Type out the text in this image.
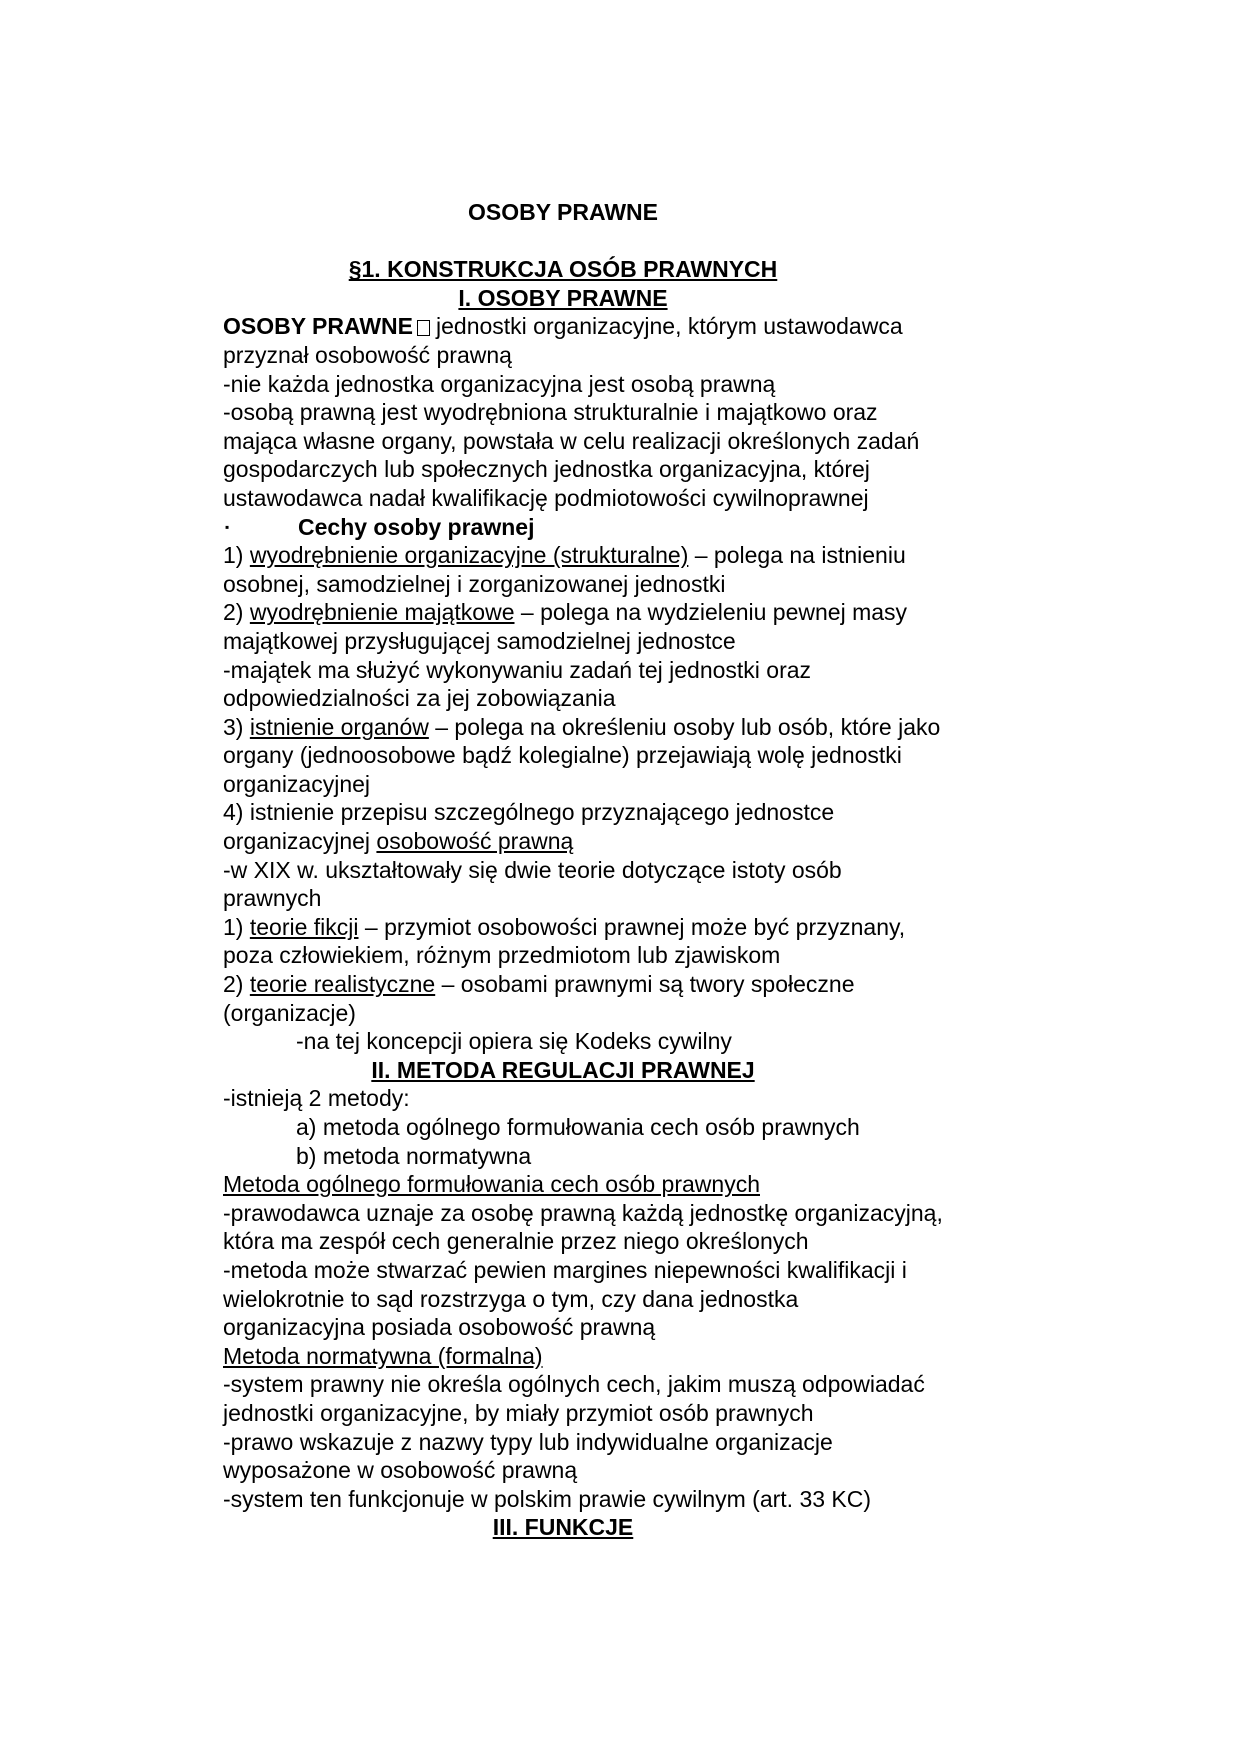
OSOBY PRAWNE
§1. KONSTRUKCJA OSÓB PRAWNYCH
I. OSOBY PRAWNE
OSOBY PRAWNE jednostki organizacyjne, którym ustawodawca
przyznał osobowość prawną
-nie każda jednostka organizacyjna jest osobą prawną
-osobą prawną jest wyodrębniona strukturalnie i majątkowo oraz
mająca własne organy, powstała w celu realizacji określonych zadań
gospodarczych lub społecznych jednostka organizacyjna, której
ustawodawca nadał kwalifikację podmiotowości cywilnoprawnej
▪	Cechy osoby prawnej
1) wyodrębnienie organizacyjne (strukturalne) – polega na istnieniu
osobnej, samodzielnej i zorganizowanej jednostki
2) wyodrębnienie majątkowe – polega na wydzieleniu pewnej masy
majątkowej przysługującej samodzielnej jednostce
-majątek ma służyć wykonywaniu zadań tej jednostki oraz
odpowiedzialności za jej zobowiązania
3) istnienie organów – polega na określeniu osoby lub osób, które jako
organy (jednoosobowe bądź kolegialne) przejawiają wolę jednostki
organizacyjnej
4) istnienie przepisu szczególnego przyznającego jednostce
organizacyjnej osobowość prawną
-w XIX w. ukształtowały się dwie teorie dotyczące istoty osób
prawnych
1) teorie fikcji – przymiot osobowości prawnej może być przyznany,
poza człowiekiem, różnym przedmiotom lub zjawiskom
2) teorie realistyczne – osobami prawnymi są twory społeczne
(organizacje)
-na tej koncepcji opiera się Kodeks cywilny
II. METODA REGULACJI PRAWNEJ
-istnieją 2 metody:
a) metoda ogólnego formułowania cech osób prawnych
b) metoda normatywna
Metoda ogólnego formułowania cech osób prawnych
-prawodawca uznaje za osobę prawną każdą jednostkę organizacyjną,
która ma zespół cech generalnie przez niego określonych
-metoda może stwarzać pewien margines niepewności kwalifikacji i
wielokrotnie to sąd rozstrzyga o tym, czy dana jednostka
organizacyjna posiada osobowość prawną
Metoda normatywna (formalna)
-system prawny nie określa ogólnych cech, jakim muszą odpowiadać
jednostki organizacyjne, by miały przymiot osób prawnych
-prawo wskazuje z nazwy typy lub indywidualne organizacje
wyposażone w osobowość prawną
-system ten funkcjonuje w polskim prawie cywilnym (art. 33 KC)
III. FUNKCJE
